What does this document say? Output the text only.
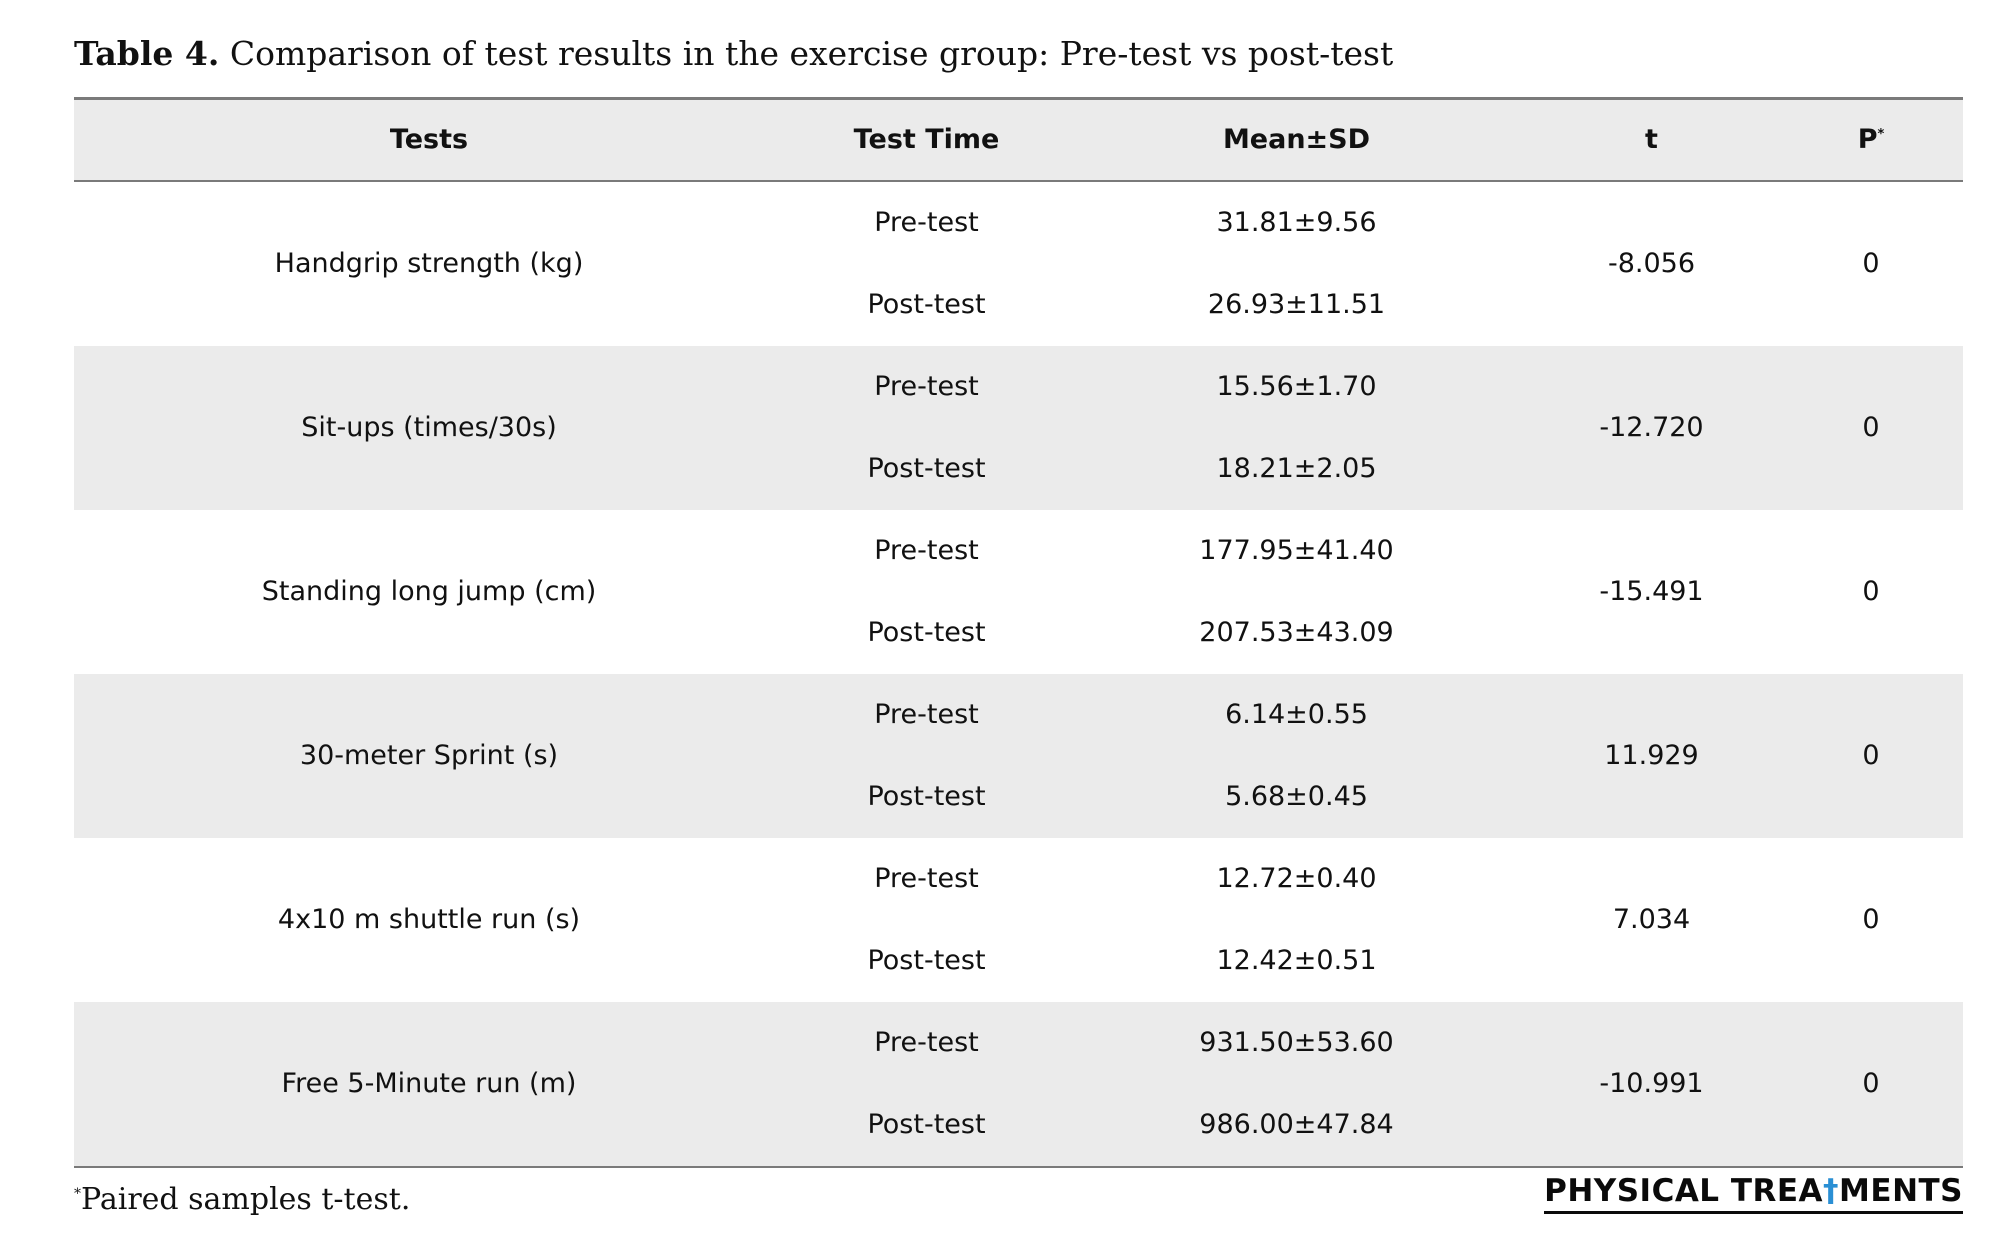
Table 4. Comparison of test results in the exercise group: Pre-test vs post-test
Tests	Test Time	Mean±SD	t	P*
Handgrip strength (kg)	Pre-test	31.81±9.56	-8.056	0
	Post-test	26.93±11.51		
Sit-ups (times/30s)	Pre-test	15.56±1.70	-12.720	0
	Post-test	18.21±2.05		
Standing long jump (cm)	Pre-test	177.95±41.40	-15.491	0
	Post-test	207.53±43.09		
30-meter Sprint (s)	Pre-test	6.14±0.55	11.929	0
	Post-test	5.68±0.45		
4x10 m shuttle run (s)	Pre-test	12.72±0.40	7.034	0
	Post-test	12.42±0.51		
Free 5-Minute run (m)	Pre-test	931.50±53.60	-10.991	0
	Post-test	986.00±47.84		
*Paired samples t-test.	PHYSICAL TREA†MENTS
